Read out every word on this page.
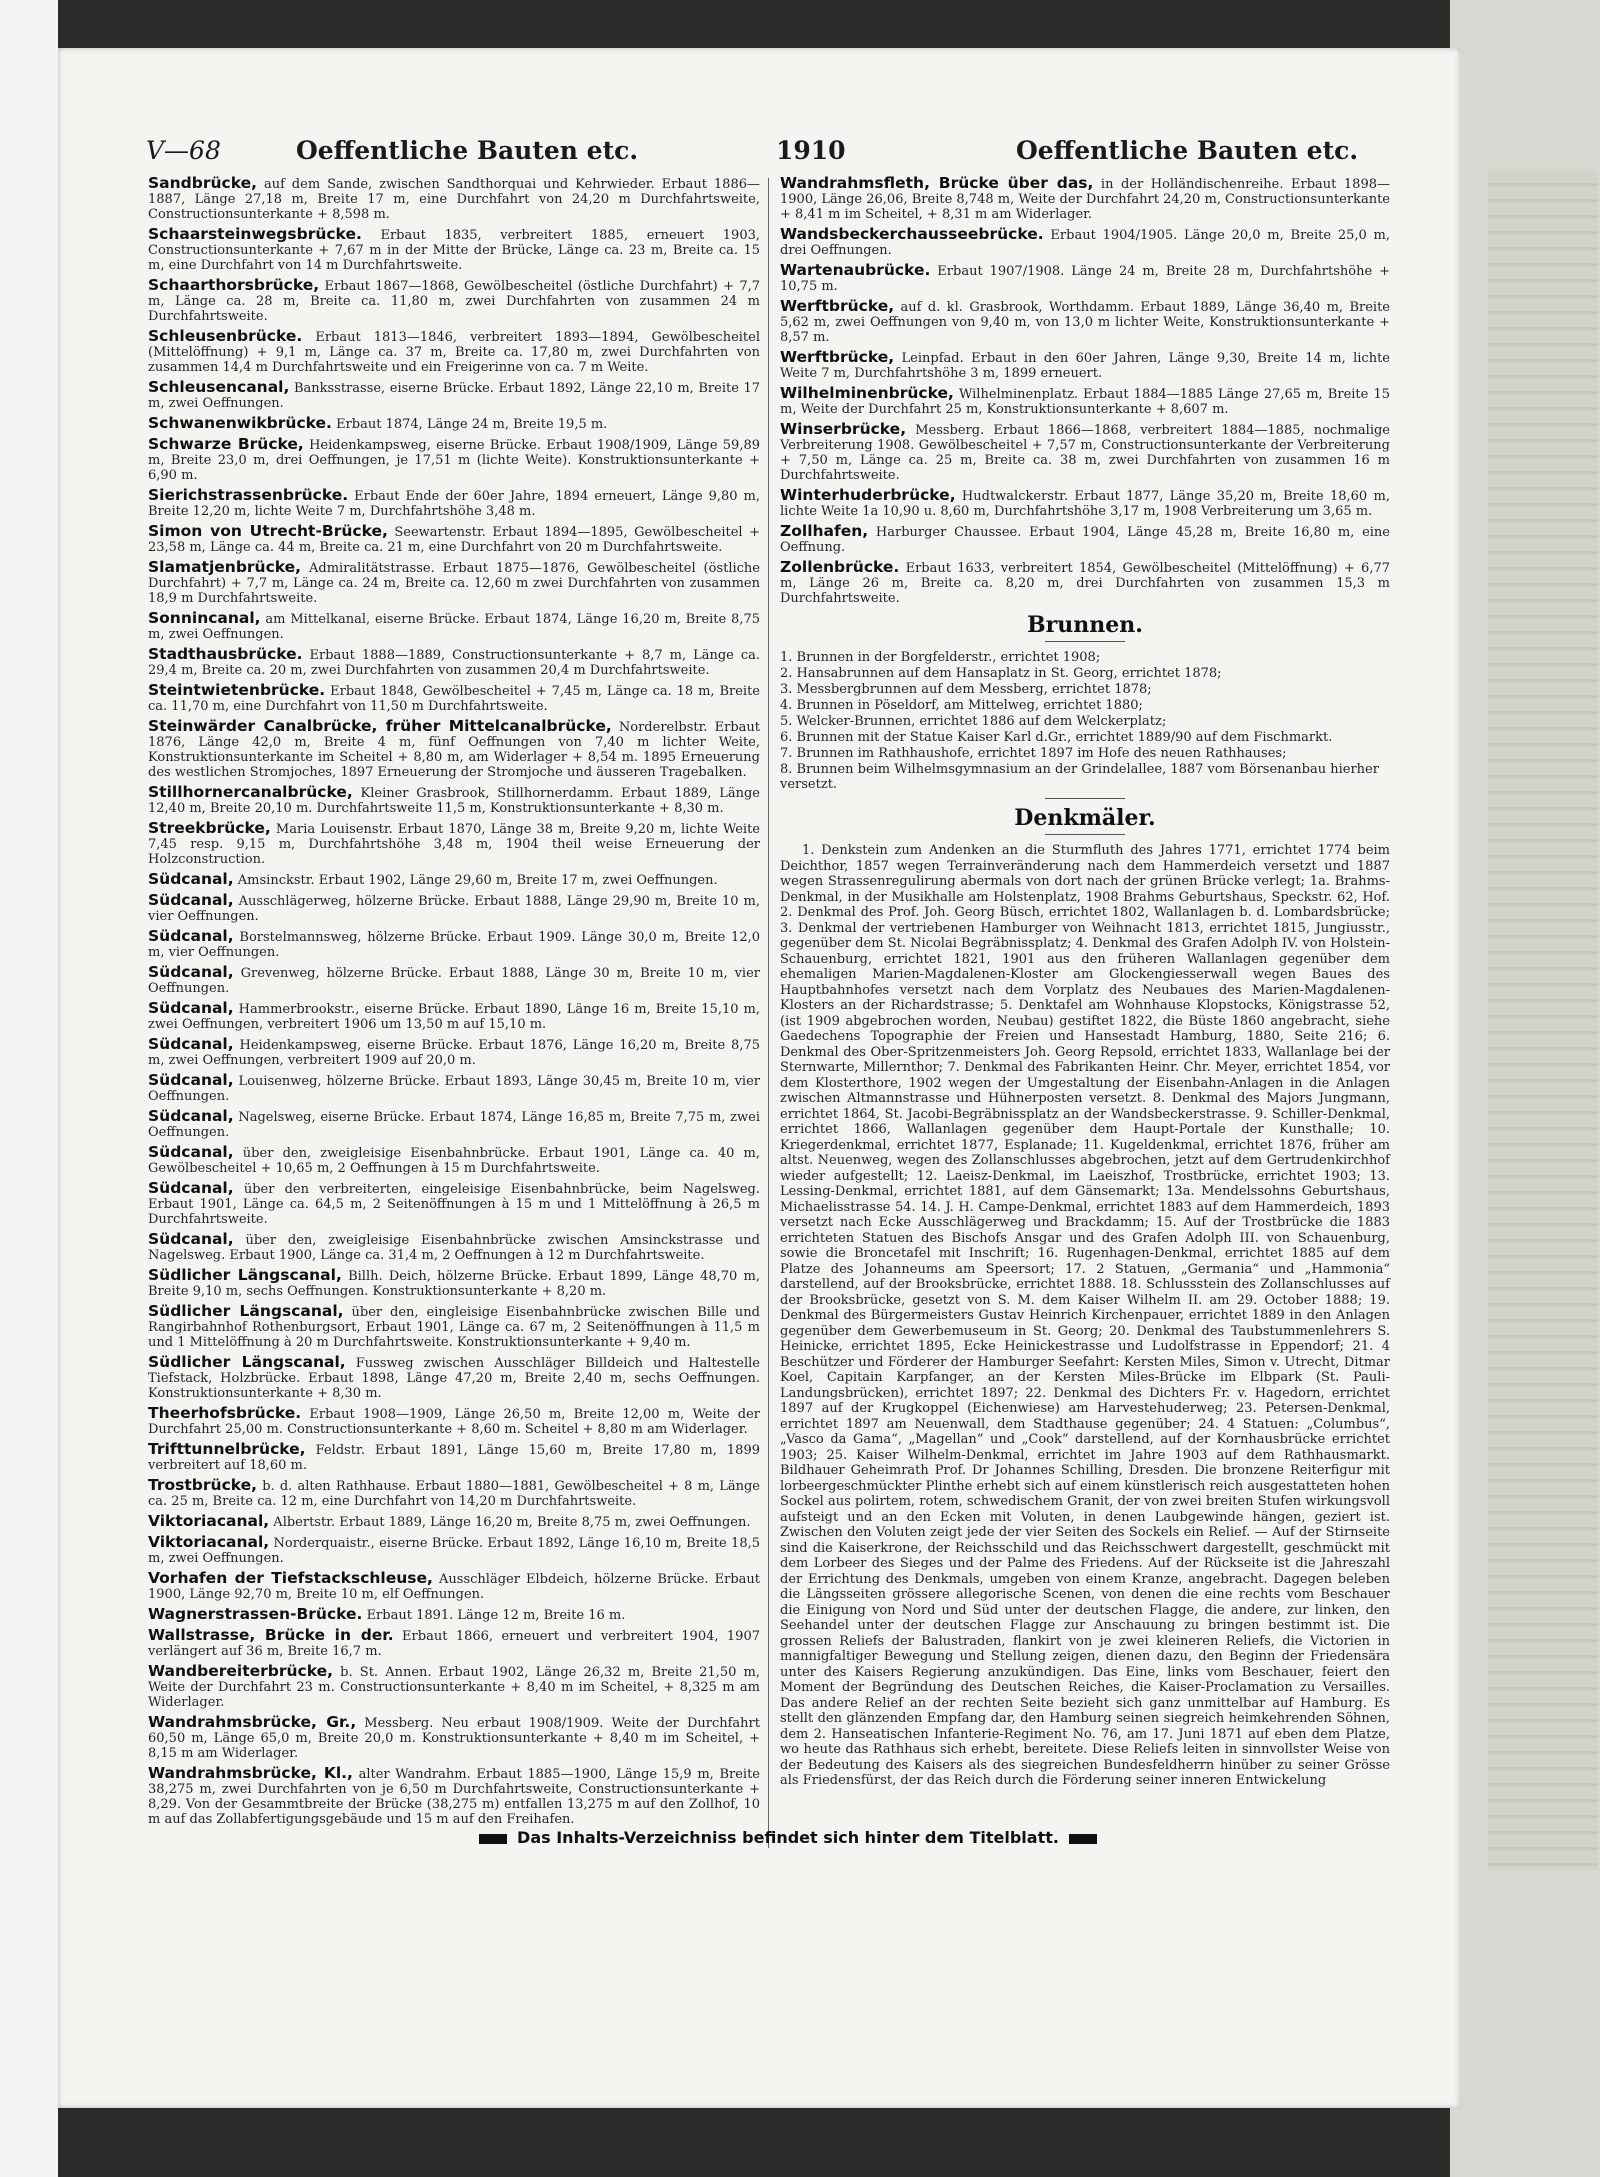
V—68	Oeffentliche Bauten etc.	1910	Oeffentliche Bauten etc.
Sandbrücke, auf dem Sande, zwischen Sandthorquai und Kehrwieder. Erbaut 1886—1887, Länge 27,18 m, Breite 17 m, eine Durchfahrt von 24,20 m Durchfahrtsweite, Constructionsunterkante + 8,598 m.
Schaarsteinwegsbrücke. Erbaut 1835, verbreitert 1885, erneuert 1903, Constructionsunterkante + 7,67 m in der Mitte der Brücke, Länge ca. 23 m, Breite ca. 15 m, eine Durchfahrt von 14 m Durchfahrtsweite.
Schaarthorsbrücke, Erbaut 1867—1868, Gewölbescheitel (östliche Durchfahrt) + 7,7 m, Länge ca. 28 m, Breite ca. 11,80 m, zwei Durchfahrten von zusammen 24 m Durchfahrtsweite.
Schleusenbrücke. Erbaut 1813—1846, verbreitert 1893—1894, Gewölbescheitel (Mittelöffnung) + 9,1 m, Länge ca. 37 m, Breite ca. 17,80 m, zwei Durchfahrten von zusammen 14,4 m Durchfahrtsweite und ein Freigerinne von ca. 7 m Weite.
Schleusencanal, Banksstrasse, eiserne Brücke. Erbaut 1892, Länge 22,10 m, Breite 17 m, zwei Oeffnungen.
Schwanenwikbrücke. Erbaut 1874, Länge 24 m, Breite 19,5 m.
Schwarze Brücke, Heidenkampsweg, eiserne Brücke. Erbaut 1908/1909, Länge 59,89 m, Breite 23,0 m, drei Oeffnungen, je 17,51 m (lichte Weite). Konstruktionsunterkante + 6,90 m.
Sierichstrassenbrücke. Erbaut Ende der 60er Jahre, 1894 erneuert, Länge 9,80 m, Breite 12,20 m, lichte Weite 7 m, Durchfahrtshöhe 3,48 m.
Simon von Utrecht-Brücke, Seewartenstr. Erbaut 1894—1895, Gewölbescheitel + 23,58 m, Länge ca. 44 m, Breite ca. 21 m, eine Durchfahrt von 20 m Durchfahrtsweite.
Slamatjenbrücke, Admiralitätstrasse. Erbaut 1875—1876, Gewölbescheitel (östliche Durchfahrt) + 7,7 m, Länge ca. 24 m, Breite ca. 12,60 m zwei Durchfahrten von zusammen 18,9 m Durchfahrtsweite.
Sonnincanal, am Mittelkanal, eiserne Brücke. Erbaut 1874, Länge 16,20 m, Breite 8,75 m, zwei Oeffnungen.
Stadthausbrücke. Erbaut 1888—1889, Constructionsunterkante + 8,7 m, Länge ca. 29,4 m, Breite ca. 20 m, zwei Durchfahrten von zusammen 20,4 m Durchfahrtsweite.
Steintwietenbrücke. Erbaut 1848, Gewölbescheitel + 7,45 m, Länge ca. 18 m, Breite ca. 11,70 m, eine Durchfahrt von 11,50 m Durchfahrtsweite.
Steinwärder Canalbrücke, früher Mittelcanalbrücke, Norderelbstr. Erbaut 1876, Länge 42,0 m, Breite 4 m, fünf Oeffnungen von 7,40 m lichter Weite, Konstruktionsunterkante im Scheitel + 8,80 m, am Widerlager + 8,54 m. 1895 Erneuerung des westlichen Stromjoches, 1897 Erneuerung der Stromjoche und äusseren Tragebalken.
Stillhornercanalbrücke, Kleiner Grasbrook, Stillhornerdamm. Erbaut 1889, Länge 12,40 m, Breite 20,10 m. Durchfahrtsweite 11,5 m, Konstruktionsunterkante + 8,30 m.
Streekbrücke, Maria Louisenstr. Erbaut 1870, Länge 38 m, Breite 9,20 m, lichte Weite 7,45 resp. 9,15 m, Durchfahrtshöhe 3,48 m, 1904 theil weise Erneuerung der Holzconstruction.
Südcanal, Amsinckstr. Erbaut 1902, Länge 29,60 m, Breite 17 m, zwei Oeffnungen.
Südcanal, Ausschlägerweg, hölzerne Brücke. Erbaut 1888, Länge 29,90 m, Breite 10 m, vier Oeffnungen.
Südcanal, Borstelmannsweg, hölzerne Brücke. Erbaut 1909. Länge 30,0 m, Breite 12,0 m, vier Oeffnungen.
Südcanal, Grevenweg, hölzerne Brücke. Erbaut 1888, Länge 30 m, Breite 10 m, vier Oeffnungen.
Südcanal, Hammerbrookstr., eiserne Brücke. Erbaut 1890, Länge 16 m, Breite 15,10 m, zwei Oeffnungen, verbreitert 1906 um 13,50 m auf 15,10 m.
Südcanal, Heidenkampsweg, eiserne Brücke. Erbaut 1876, Länge 16,20 m, Breite 8,75 m, zwei Oeffnungen, verbreitert 1909 auf 20,0 m.
Südcanal, Louisenweg, hölzerne Brücke. Erbaut 1893, Länge 30,45 m, Breite 10 m, vier Oeffnungen.
Südcanal, Nagelsweg, eiserne Brücke. Erbaut 1874, Länge 16,85 m, Breite 7,75 m, zwei Oeffnungen.
Südcanal, über den, zweigleisige Eisenbahnbrücke. Erbaut 1901, Länge ca. 40 m, Gewölbescheitel + 10,65 m, 2 Oeffnungen à 15 m Durchfahrtsweite.
Südcanal, über den verbreiterten, eingeleisige Eisenbahnbrücke, beim Nagelsweg. Erbaut 1901, Länge ca. 64,5 m, 2 Seitenöffnungen à 15 m und 1 Mittelöffnung à 26,5 m Durchfahrtsweite.
Südcanal, über den, zweigleisige Eisenbahnbrücke zwischen Amsinckstrasse und Nagelsweg. Erbaut 1900, Länge ca. 31,4 m, 2 Oeffnungen à 12 m Durchfahrtsweite.
Südlicher Längscanal, Billh. Deich, hölzerne Brücke. Erbaut 1899, Länge 48,70 m, Breite 9,10 m, sechs Oeffnungen. Konstruktionsunterkante + 8,20 m.
Südlicher Längscanal, über den, eingleisige Eisenbahnbrücke zwischen Bille und Rangirbahnhof Rothenburgsort, Erbaut 1901, Länge ca. 67 m, 2 Seitenöffnungen à 11,5 m und 1 Mittelöffnung à 20 m Durchfahrtsweite. Konstruktionsunterkante + 9,40 m.
Südlicher Längscanal, Fussweg zwischen Ausschläger Billdeich und Haltestelle Tiefstack, Holzbrücke. Erbaut 1898, Länge 47,20 m, Breite 2,40 m, sechs Oeffnungen. Konstruktionsunterkante + 8,30 m.
Theerhofsbrücke. Erbaut 1908—1909, Länge 26,50 m, Breite 12,00 m, Weite der Durchfahrt 25,00 m. Constructionsunterkante + 8,60 m. Scheitel + 8,80 m am Widerlager.
Trifttunnelbrücke, Feldstr. Erbaut 1891, Länge 15,60 m, Breite 17,80 m, 1899 verbreitert auf 18,60 m.
Trostbrücke, b. d. alten Rathhause. Erbaut 1880—1881, Gewölbescheitel + 8 m, Länge ca. 25 m, Breite ca. 12 m, eine Durchfahrt von 14,20 m Durchfahrtsweite.
Viktoriacanal, Albertstr. Erbaut 1889, Länge 16,20 m, Breite 8,75 m, zwei Oeffnungen.
Viktoriacanal, Norderquaistr., eiserne Brücke. Erbaut 1892, Länge 16,10 m, Breite 18,5 m, zwei Oeffnungen.
Vorhafen der Tiefstackschleuse, Ausschläger Elbdeich, hölzerne Brücke. Erbaut 1900, Länge 92,70 m, Breite 10 m, elf Oeffnungen.
Wagnerstrassen-Brücke. Erbaut 1891. Länge 12 m, Breite 16 m.
Wallstrasse, Brücke in der. Erbaut 1866, erneuert und verbreitert 1904, 1907 verlängert auf 36 m, Breite 16,7 m.
Wandbereiterbrücke, b. St. Annen. Erbaut 1902, Länge 26,32 m, Breite 21,50 m, Weite der Durchfahrt 23 m. Constructionsunterkante + 8,40 m im Scheitel, + 8,325 m am Widerlager.
Wandrahmsbrücke, Gr., Messberg. Neu erbaut 1908/1909. Weite der Durchfahrt 60,50 m, Länge 65,0 m, Breite 20,0 m. Konstruktionsunterkante + 8,40 m im Scheitel, + 8,15 m am Widerlager.
Wandrahmsbrücke, Kl., alter Wandrahm. Erbaut 1885—1900, Länge 15,9 m, Breite 38,275 m, zwei Durchfahrten von je 6,50 m Durchfahrtsweite, Constructionsunterkante + 8,29. Von der Gesammtbreite der Brücke (38,275 m) entfallen 13,275 m auf den Zollhof, 10 m auf das Zollabfertigungsgebäude und 15 m auf den Freihafen.
Wandrahmsfleth, Brücke über das, in der Holländischenreihe. Erbaut 1898—1900, Länge 26,06, Breite 8,748 m, Weite der Durchfahrt 24,20 m, Constructionsunterkante + 8,41 m im Scheitel, + 8,31 m am Widerlager.
Wandsbeckerchausseebrücke. Erbaut 1904/1905. Länge 20,0 m, Breite 25,0 m, drei Oeffnungen.
Wartenaubrücke. Erbaut 1907/1908. Länge 24 m, Breite 28 m, Durchfahrtshöhe + 10,75 m.
Werftbrücke, auf d. kl. Grasbrook, Worthdamm. Erbaut 1889, Länge 36,40 m, Breite 5,62 m, zwei Oeffnungen von 9,40 m, von 13,0 m lichter Weite, Konstruktionsunterkante + 8,57 m.
Werftbrücke, Leinpfad. Erbaut in den 60er Jahren, Länge 9,30, Breite 14 m, lichte Weite 7 m, Durchfahrtshöhe 3 m, 1899 erneuert.
Wilhelminenbrücke, Wilhelminenplatz. Erbaut 1884—1885 Länge 27,65 m, Breite 15 m, Weite der Durchfahrt 25 m, Konstruktionsunterkante + 8,607 m.
Winserbrücke, Messberg. Erbaut 1866—1868, verbreitert 1884—1885, nochmalige Verbreiterung 1908. Gewölbescheitel + 7,57 m, Constructionsunterkante der Verbreiterung + 7,50 m, Länge ca. 25 m, Breite ca. 38 m, zwei Durchfahrten von zusammen 16 m Durchfahrtsweite.
Winterhuderbrücke, Hudtwalckerstr. Erbaut 1877, Länge 35,20 m, Breite 18,60 m, lichte Weite 1a 10,90 u. 8,60 m, Durchfahrtshöhe 3,17 m, 1908 Verbreiterung um 3,65 m.
Zollhafen, Harburger Chaussee. Erbaut 1904, Länge 45,28 m, Breite 16,80 m, eine Oeffnung.
Zollenbrücke. Erbaut 1633, verbreitert 1854, Gewölbescheitel (Mittelöffnung) + 6,77 m, Länge 26 m, Breite ca. 8,20 m, drei Durchfahrten von zusammen 15,3 m Durchfahrtsweite.
Brunnen.
1. Brunnen in der Borgfelderstr., errichtet 1908;
2. Hansabrunnen auf dem Hansaplatz in St. Georg, errichtet 1878;
3. Messbergbrunnen auf dem Messberg, errichtet 1878;
4. Brunnen in Pöseldorf, am Mittelweg, errichtet 1880;
5. Welcker-Brunnen, errichtet 1886 auf dem Welckerplatz;
6. Brunnen mit der Statue Kaiser Karl d.Gr., errichtet 1889/90 auf dem Fischmarkt.
7. Brunnen im Rathhaushofe, errichtet 1897 im Hofe des neuen Rathhauses;
8. Brunnen beim Wilhelmsgymnasium an der Grindelallee, 1887 vom Börsenanbau hierher versetzt.
Denkmäler.
1. Denkstein zum Andenken an die Sturmfluth des Jahres 1771, errichtet 1774 beim Deichthor, 1857 wegen Terrainveränderung nach dem Hammerdeich versetzt und 1887 wegen Strassenregulirung abermals von dort nach der grünen Brücke verlegt; 1a. Brahms-Denkmal, in der Musikhalle am Holstenplatz, 1908 Brahms Geburtshaus, Speckstr. 62, Hof. 2. Denkmal des Prof. Joh. Georg Büsch, errichtet 1802, Wallanlagen b. d. Lombardsbrücke; 3. Denkmal der vertriebenen Hamburger von Weihnacht 1813, errichtet 1815, Jungiusstr., gegenüber dem St. Nicolai Begräbnissplatz; 4. Denkmal des Grafen Adolph IV. von Holstein-Schauenburg, errichtet 1821, 1901 aus den früheren Wallanlagen gegenüber dem ehemaligen Marien-Magdalenen-Kloster am Glockengiesserwall wegen Baues des Hauptbahnhofes versetzt nach dem Vorplatz des Neubaues des Marien-Magdalenen-Klosters an der Richardstrasse; 5. Denktafel am Wohnhause Klopstocks, Königstrasse 52, (ist 1909 abgebrochen worden, Neubau) gestiftet 1822, die Büste 1860 angebracht, siehe Gaedechens Topographie der Freien und Hansestadt Hamburg, 1880, Seite 216; 6. Denkmal des Ober-Spritzenmeisters Joh. Georg Repsold, errichtet 1833, Wallanlage bei der Sternwarte, Millernthor; 7. Denkmal des Fabrikanten Heinr. Chr. Meyer, errichtet 1854, vor dem Klosterthore, 1902 wegen der Umgestaltung der Eisenbahn-Anlagen in die Anlagen zwischen Altmannstrasse und Hühnerposten versetzt. 8. Denkmal des Majors Jungmann, errichtet 1864, St. Jacobi-Begräbnissplatz an der Wandsbeckerstrasse. 9. Schiller-Denkmal, errichtet 1866, Wallanlagen gegenüber dem Haupt-Portale der Kunsthalle; 10. Kriegerdenkmal, errichtet 1877, Esplanade; 11. Kugeldenkmal, errichtet 1876, früher am altst. Neuenweg, wegen des Zollanschlusses abgebrochen, jetzt auf dem Gertrudenkirchhof wieder aufgestellt; 12. Laeisz-Denkmal, im Laeiszhof, Trostbrücke, errichtet 1903; 13. Lessing-Denkmal, errichtet 1881, auf dem Gänsemarkt; 13a. Mendelssohns Geburtshaus, Michaelisstrasse 54. 14. J. H. Campe-Denkmal, errichtet 1883 auf dem Hammerdeich, 1893 versetzt nach Ecke Ausschlägerweg und Brackdamm; 15. Auf der Trostbrücke die 1883 errichteten Statuen des Bischofs Ansgar und des Grafen Adolph III. von Schauenburg, sowie die Broncetafel mit Inschrift; 16. Rugenhagen-Denkmal, errichtet 1885 auf dem Platze des Johanneums am Speersort; 17. 2 Statuen, „Germania“ und „Hammonia“ darstellend, auf der Brooksbrücke, errichtet 1888. 18. Schlussstein des Zollanschlusses auf der Brooksbrücke, gesetzt von S. M. dem Kaiser Wilhelm II. am 29. October 1888; 19. Denkmal des Bürgermeisters Gustav Heinrich Kirchenpauer, errichtet 1889 in den Anlagen gegenüber dem Gewerbemuseum in St. Georg; 20. Denkmal des Taubstummenlehrers S. Heinicke, errichtet 1895, Ecke Heinickestrasse und Ludolfstrasse in Eppendorf; 21. 4 Beschützer und Förderer der Hamburger Seefahrt: Kersten Miles, Simon v. Utrecht, Ditmar Koel, Capitain Karpfanger, an der Kersten Miles-Brücke im Elbpark (St. Pauli-Landungsbrücken), errichtet 1897; 22. Denkmal des Dichters Fr. v. Hagedorn, errichtet 1897 auf der Krugkoppel (Eichenwiese) am Harvestehuderweg; 23. Petersen-Denkmal, errichtet 1897 am Neuenwall, dem Stadthause gegenüber; 24. 4 Statuen: „Columbus“, „Vasco da Gama“, „Magellan“ und „Cook“ darstellend, auf der Kornhausbrücke errichtet 1903; 25. Kaiser Wilhelm-Denkmal, errichtet im Jahre 1903 auf dem Rathhausmarkt. Bildhauer Geheimrath Prof. Dr Johannes Schilling, Dresden. Die bronzene Reiterfigur mit lorbeergeschmückter Plinthe erhebt sich auf einem künstlerisch reich ausgestatteten hohen Sockel aus polirtem, rotem, schwedischem Granit, der von zwei breiten Stufen wirkungsvoll aufsteigt und an den Ecken mit Voluten, in denen Laubgewinde hängen, geziert ist. Zwischen den Voluten zeigt jede der vier Seiten des Sockels ein Relief. — Auf der Stirnseite sind die Kaiserkrone, der Reichsschild und das Reichsschwert dargestellt, geschmückt mit dem Lorbeer des Sieges und der Palme des Friedens. Auf der Rückseite ist die Jahreszahl der Errichtung des Denkmals, umgeben von einem Kranze, angebracht. Dagegen beleben die Längsseiten grössere allegorische Scenen, von denen die eine rechts vom Beschauer die Einigung von Nord und Süd unter der deutschen Flagge, die andere, zur linken, den Seehandel unter der deutschen Flagge zur Anschauung zu bringen bestimmt ist. Die grossen Reliefs der Balustraden, flankirt von je zwei kleineren Reliefs, die Victorien in mannigfaltiger Bewegung und Stellung zeigen, dienen dazu, den Beginn der Friedensära unter des Kaisers Regierung anzukündigen. Das Eine, links vom Beschauer, feiert den Moment der Begründung des Deutschen Reiches, die Kaiser-Proclamation zu Versailles. Das andere Relief an der rechten Seite bezieht sich ganz unmittelbar auf Hamburg. Es stellt den glänzenden Empfang dar, den Hamburg seinen siegreich heimkehrenden Söhnen, dem 2. Hanseatischen Infanterie-Regiment No. 76, am 17. Juni 1871 auf eben dem Platze, wo heute das Rathhaus sich erhebt, bereitete. Diese Reliefs leiten in sinnvollster Weise von der Bedeutung des Kaisers als des siegreichen Bundesfeldherrn hinüber zu seiner Grösse als Friedensfürst, der das Reich durch die Förderung seiner inneren Entwickelung
Das Inhalts-Verzeichniss befindet sich hinter dem Titelblatt.
